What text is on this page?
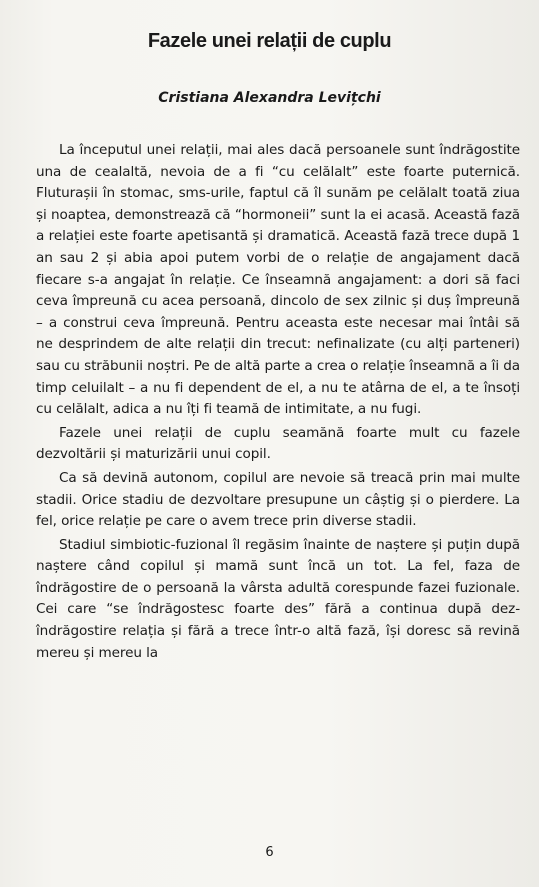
Fazele unei relații de cuplu
Cristiana Alexandra Levițchi

La începutul unei relații, mai ales dacă persoanele sunt îndrăgostite una de cealaltă, nevoia de a fi “cu celălalt” este foarte puternică. Fluturașii în stomac, sms-urile, faptul că îl sunăm pe celălalt toată ziua și noaptea, demonstrează că “hormoneii” sunt la ei acasă. Această fază a relației este foarte apetisantă și dramatică. Această fază trece după 1 an sau 2 și abia apoi putem vorbi de o relație de angajament dacă fiecare s-a angajat în relație. Ce înseamnă angajament: a dori să faci ceva împreună cu acea persoană, dincolo de sex zilnic și duș împreună – a construi ceva împreună. Pentru aceasta este necesar mai întâi să ne desprindem de alte relații din trecut: nefinalizate (cu alți parteneri) sau cu străbunii noștri. Pe de altă parte a crea o relație înseamnă a îi da timp celuilalt – a nu fi dependent de el, a nu te atârna de el, a te însoți cu celălalt, adica a nu îți fi teamă de intimitate, a nu fugi.

Fazele unei relații de cuplu seamănă foarte mult cu fazele dezvoltării și maturizării unui copil.

Ca să devină autonom, copilul are nevoie să treacă prin mai multe stadii. Orice stadiu de dezvoltare presupune un câștig și o pierdere. La fel, orice relație pe care o avem trece prin diverse stadii.

Stadiul simbiotic-fuzional îl regăsim înainte de naștere și puțin după naștere când copilul și mamă sunt încă un tot. La fel, faza de îndrăgostire de o persoană la vârsta adultă corespunde fazei fuzionale. Cei care “se îndrăgostesc foarte des” fără a continua după dez-îndrăgostire relația și fără a trece într-o altă fază, își doresc să revină mereu și mereu la

6
